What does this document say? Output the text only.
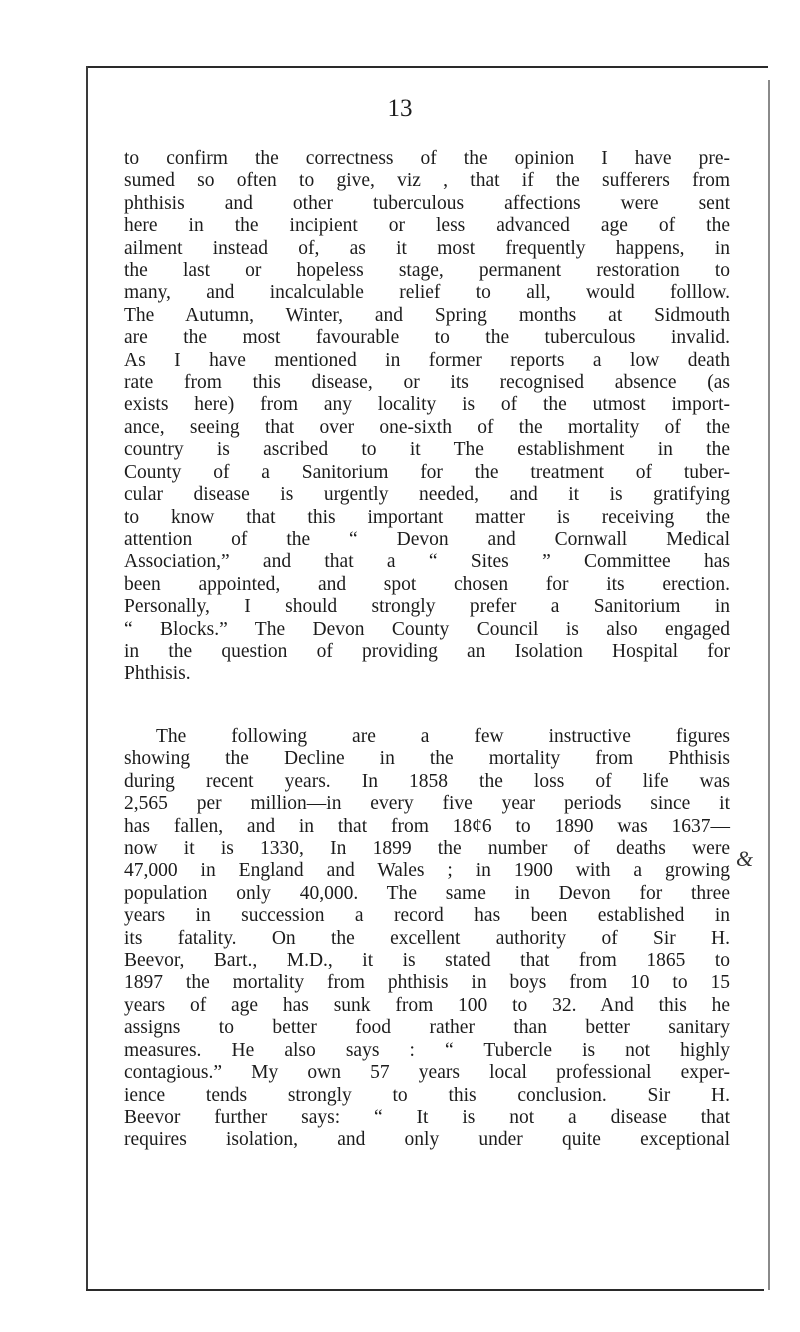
13
to confirm the correctness of the opinion I have pre-
sumed so often to give, viz , that if the sufferers from
phthisis and other tuberculous affections were sent
here in the incipient or less advanced age of the
ailment instead of, as it most frequently happens, in
the last or hopeless stage, permanent restoration to
many, and incalculable relief to all, would folllow.
The Autumn, Winter, and Spring months at Sidmouth
are the most favourable to the tuberculous invalid.
As I have mentioned in former reports a low death
rate from this disease, or its recognised absence (as
exists here) from any locality is of the utmost import-
ance, seeing that over one-sixth of the mortality of the
country is ascribed to it The establishment in the
County of a Sanitorium for the treatment of tuber-
cular disease is urgently needed, and it is gratifying
to know that this important matter is receiving the
attention of the “ Devon and Cornwall Medical
Association,” and that a “ Sites ” Committee has
been appointed, and spot chosen for its erection.
Personally, I should strongly prefer a Sanitorium in
“ Blocks.” The Devon County Council is also engaged
in the question of providing an Isolation Hospital for
Phthisis.
The following are a few instructive figures
showing the Decline in the mortality from Phthisis
during recent years. In 1858 the loss of life was
2,565 per million—in every five year periods since it
has fallen, and in that from 18¢6 to 1890 was 1637—
now it is 1330, In 1899 the number of deaths were
47,000 in England and Wales ; in 1900 with a growing
population only 40,000. The same in Devon for three
years in succession a record has been established in
its fatality. On the excellent authority of Sir H.
Beevor, Bart., M.D., it is stated that from 1865 to
1897 the mortality from phthisis in boys from 10 to 15
years of age has sunk from 100 to 32. And this he
assigns to better food rather than better sanitary
measures. He also says : “ Tubercle is not highly
contagious.” My own 57 years local professional exper-
ience tends strongly to this conclusion. Sir H.
Beevor further says: “ It is not a disease that
requires isolation, and only under quite exceptional
&
